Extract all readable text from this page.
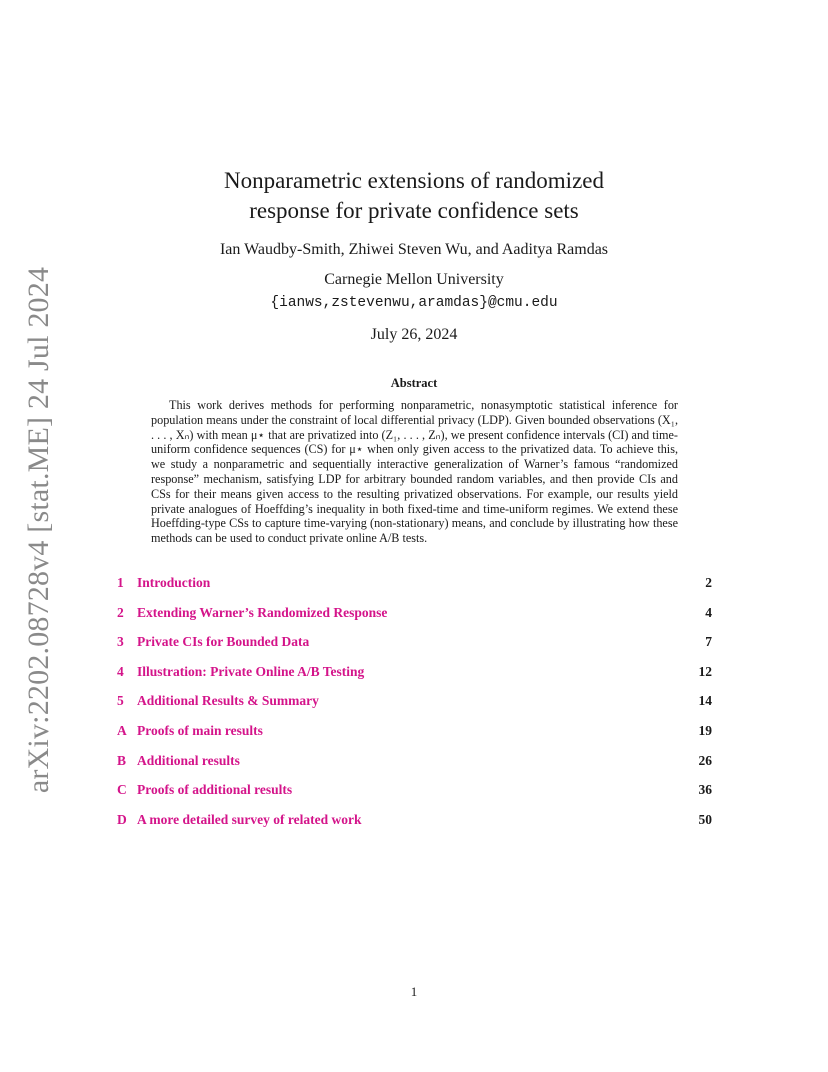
arXiv:2202.08728v4 [stat.ME] 24 Jul 2024
Nonparametric extensions of randomized
response for private confidence sets
Ian Waudby-Smith, Zhiwei Steven Wu, and Aaditya Ramdas
Carnegie Mellon University
{ianws,zstevenwu,aramdas}@cmu.edu
July 26, 2024
Abstract
This work derives methods for performing nonparametric, nonasymptotic statistical inference for population means under the constraint of local differential privacy (LDP). Given bounded observations (X₁, . . . , Xₙ) with mean μ⋆ that are privatized into (Z₁, . . . , Zₙ), we present confidence intervals (CI) and time-uniform confidence sequences (CS) for μ⋆ when only given access to the privatized data. To achieve this, we study a nonparametric and sequentially interactive generalization of Warner’s famous “randomized response” mechanism, satisfying LDP for arbitrary bounded random variables, and then provide CIs and CSs for their means given access to the resulting privatized observations. For example, our results yield private analogues of Hoeffding’s inequality in both fixed-time and time-uniform regimes. We extend these Hoeffding-type CSs to capture time-varying (non-stationary) means, and conclude by illustrating how these methods can be used to conduct private online A/B tests.
1 Introduction	2
2 Extending Warner’s Randomized Response	4
3 Private CIs for Bounded Data	7
4 Illustration: Private Online A/B Testing	12
5 Additional Results & Summary	14
A Proofs of main results	19
B Additional results	26
C Proofs of additional results	36
D A more detailed survey of related work	50
1
